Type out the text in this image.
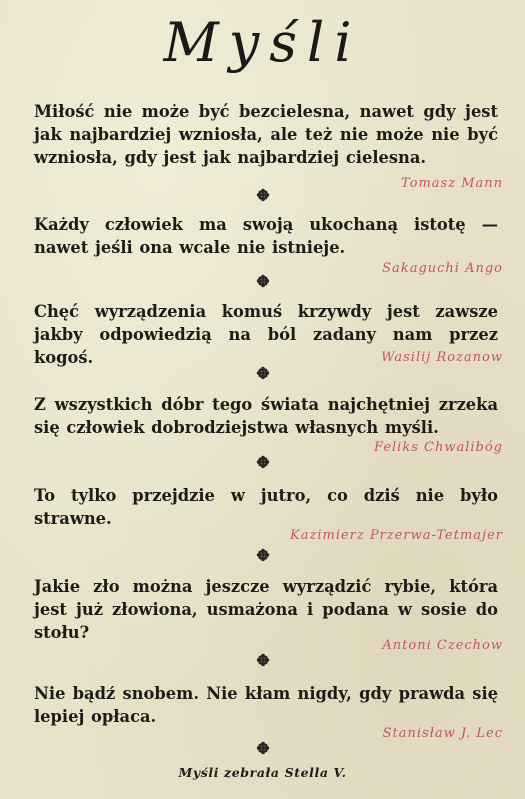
Myśli
Miłość nie może być bezcielesna, nawet gdy jest jak najbardziej wzniosła, ale też nie może nie być wzniosła, gdy jest jak najbardziej cielesna.
Tomasz Mann
Każdy człowiek ma swoją ukochaną istotę — nawet jeśli ona wcale nie istnieje.
Sakaguchi Ango
Chęć wyrządzenia komuś krzywdy jest zawsze jakby odpowiedzią na ból zadany nam przez kogoś.	Wasilij Rozanow
Z wszystkich dóbr tego świata najchętniej zrzeka się człowiek dobrodziejstwa własnych myśli.
Feliks Chwalibóg
To tylko przejdzie w jutro, co dziś nie było strawne.
Kazimierz Przerwa-Tetmajer
Jakie zło można jeszcze wyrządzić rybie, która jest już złowiona, usmażona i podana w sosie do stołu?
Antoni Czechow
Nie bądź snobem. Nie kłam nigdy, gdy prawda się lepiej opłaca.
Stanisław J. Lec
Myśli zebrała Stella V.
